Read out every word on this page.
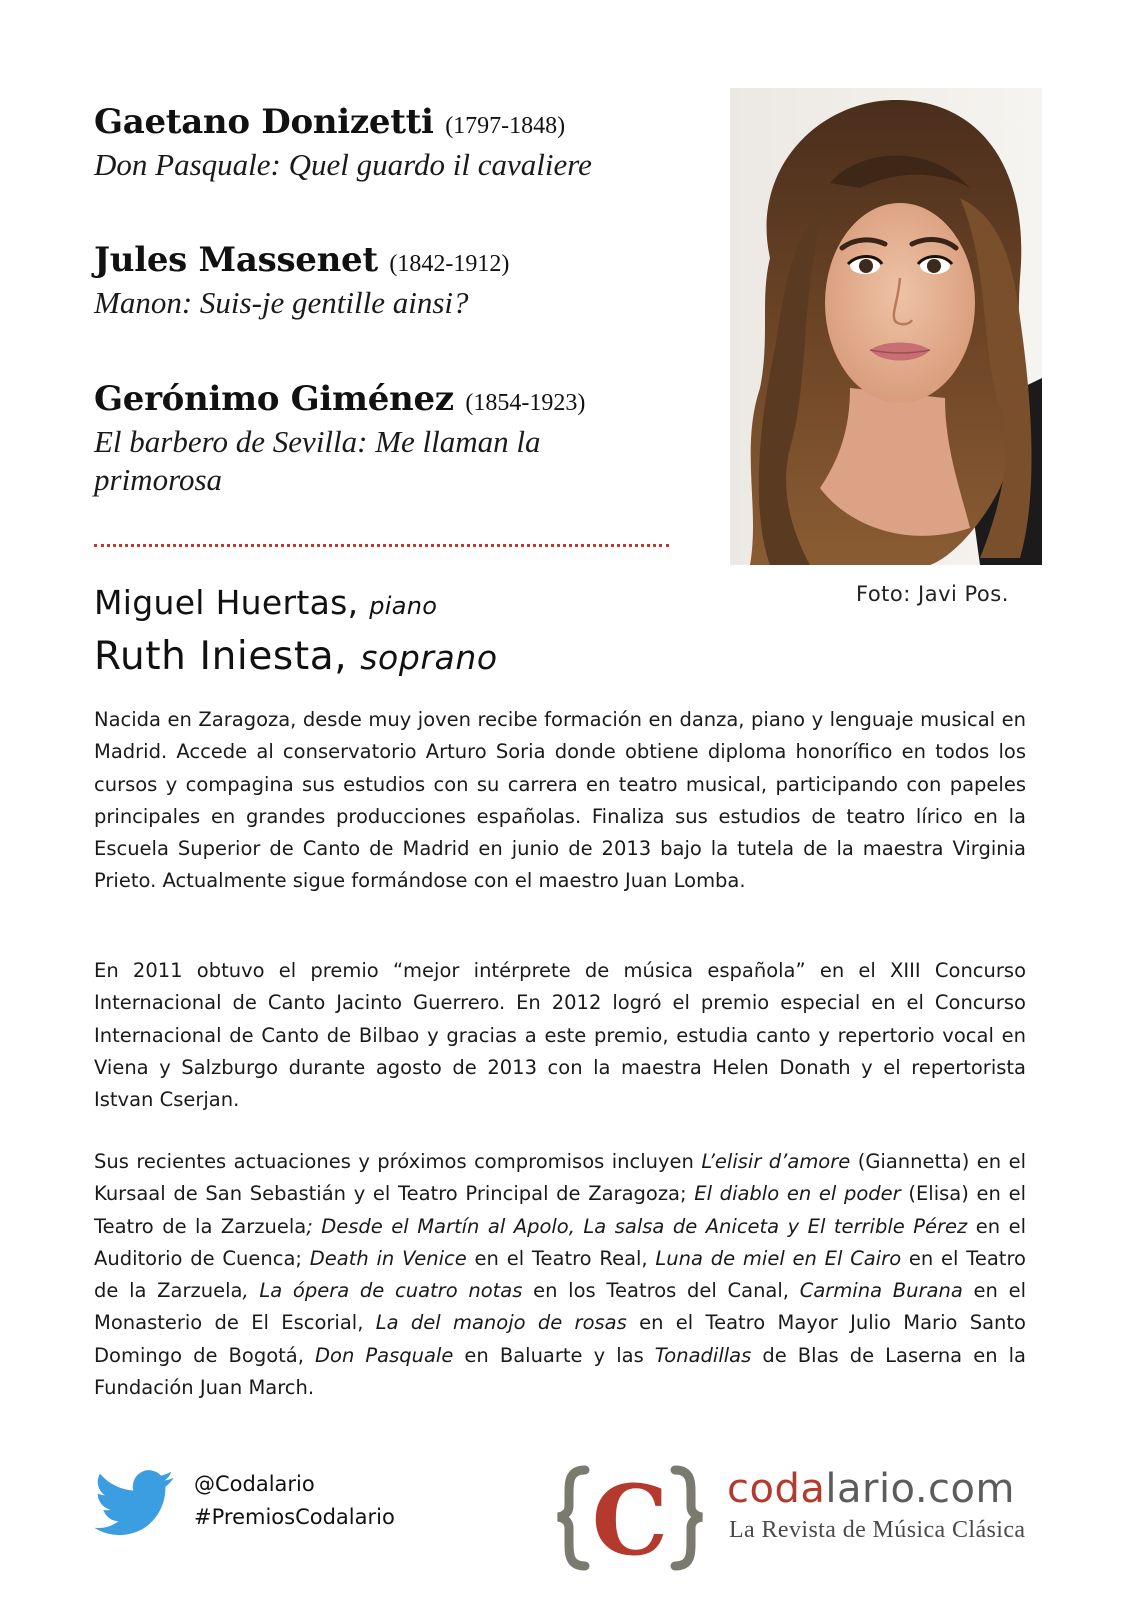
Gaetano Donizetti (1797-1848)
Don Pasquale: Quel guardo il cavaliere
Jules Massenet (1842-1912)
Manon: Suis-je gentille ainsi?
Gerónimo Giménez (1854-1923)
El barbero de Sevilla: Me llaman la primorosa
Foto: Javi Pos.
Miguel Huertas, piano
Ruth Iniesta, soprano

Nacida en Zaragoza, desde muy joven recibe formación en danza, piano y lenguaje musical en Madrid. Accede al conservatorio Arturo Soria donde obtiene diploma honorífico en todos los cursos y compagina sus estudios con su carrera en teatro musical, participando con papeles principales en grandes producciones españolas. Finaliza sus estudios de teatro lírico en la Escuela Superior de Canto de Madrid en junio de 2013 bajo la tutela de la maestra Virginia Prieto. Actualmente sigue formándose con el maestro Juan Lomba.

En 2011 obtuvo el premio “mejor intérprete de música española” en el XIII Concurso Internacional de Canto Jacinto Guerrero. En 2012 logró el premio especial en el Concurso Internacional de Canto de Bilbao y gracias a este premio, estudia canto y repertorio vocal en Viena y Salzburgo durante agosto de 2013 con la maestra Helen Donath y el repertorista Istvan Cserjan.

Sus recientes actuaciones y próximos compromisos incluyen L’elisir d’amore (Giannetta) en el Kursaal de San Sebastián y el Teatro Principal de Zaragoza; El diablo en el poder (Elisa) en el Teatro de la Zarzuela; Desde el Martín al Apolo, La salsa de Aniceta y El terrible Pérez en el Auditorio de Cuenca; Death in Venice en el Teatro Real, Luna de miel en El Cairo en el Teatro de la Zarzuela, La ópera de cuatro notas en los Teatros del Canal, Carmina Burana en el Monasterio de El Escorial, La del manojo de rosas en el Teatro Mayor Julio Mario Santo Domingo de Bogotá, Don Pasquale en Baluarte y las Tonadillas de Blas de Laserna en la Fundación Juan March.

@Codalario
#PremiosCodalario C codalario.com
La Revista de Música Clásica
